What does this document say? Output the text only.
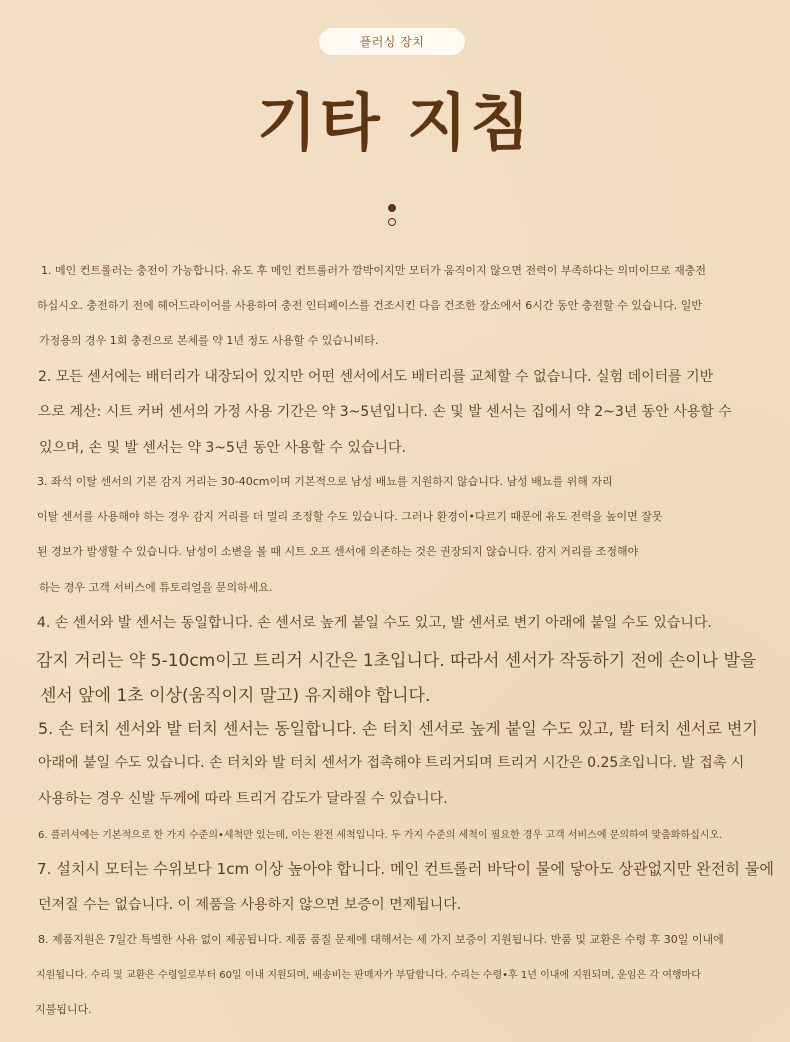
플러싱 장치
기타 지침
1. 메인 컨트롤러는 충전이 가능합니다. 유도 후 메인 컨트롤러가 깜박이지만 모터가 움직이지 않으면 전력이 부족하다는 의미이므로 재충전
하십시오. 충전하기 전에 헤어드라이어를 사용하여 충전 인터페이스를 건조시킨 다음 건조한 장소에서 6시간 동안 충전할 수 있습니다. 일반
가정용의 경우 1회 충전으로 본체를 약 1년 정도 사용할 수 있습니비타.
2. 모든 센서에는 배터리가 내장되어 있지만 어떤 센서에서도 배터리를 교체할 수 없습니다. 실험 데이터를 기반
으로 계산: 시트 커버 센서의 가정 사용 기간은 약 3~5년입니다. 손 및 발 센서는 집에서 약 2~3년 동안 사용할 수
있으며, 손 및 발 센서는 약 3~5년 동안 사용할 수 있습니다.
3. 좌석 이탈 센서의 기본 감지 거리는 30-40cm이며 기본적으로 남성 배뇨를 지원하지 않습니다. 남성 배뇨를 위해 자리
이탈 센서를 사용해야 하는 경우 감지 거리를 더 멀리 조정할 수도 있습니다. 그러나 환경이•다르기 때문에 유도 전력을 높이면 잘못
된 경보가 발생할 수 있습니다. 남성이 소변을 볼 때 시트 오프 센서에 의존하는 것은 권장되지 않습니다. 감지 거리를 조정해야
하는 경우 고객 서비스에 튜토리얼을 문의하세요.
4. 손 센서와 발 센서는 동일합니다. 손 센서로 높게 붙일 수도 있고, 발 센서로 변기 아래에 붙일 수도 있습니다.
감지 거리는 약 5-10cm이고 트리거 시간은 1초입니다. 따라서 센서가 작동하기 전에 손이나 발을
센서 앞에 1초 이상(움직이지 말고) 유지해야 합니다.
5. 손 터치 센서와 발 터치 센서는 동일합니다. 손 터치 센서로 높게 붙일 수도 있고, 발 터치 센서로 변기
아래에 붙일 수도 있습니다. 손 터치와 발 터치 센서가 접촉해야 트리거되며 트리거 시간은 0.25초입니다. 발 접촉 시
사용하는 경우 신발 두께에 따라 트리거 감도가 달라질 수 있습니다.
6. 플러셔에는 기본적으로 한 가지 수준의•세척만 있는데, 이는 완전 세척입니다. 두 가지 수준의 세척이 필요한 경우 고객 서비스에 문의하여 맞춤화하십시오.
7. 설치시 모터는 수위보다 1cm 이상 높아야 합니다. 메인 컨트롤러 바닥이 물에 닿아도 상관없지만 완전히 물에
던져질 수는 없습니다. 이 제품을 사용하지 않으면 보증이 면제됩니다.
8. 제품지원은 7일간 특별한 사유 없이 제공됩니다. 제품 품질 문제에 대해서는 세 가지 보증이 지원됩니다. 반품 및 교환은 수령 후 30일 이내에
지원됩니다. 수리 및 교환은 수령일로부터 60일 이내 지원되며, 배송비는 판매자가 부담합니다. 수리는 수령•후 1년 이내에 지원되며, 운임은 각 여행마다
지불됩니다.
